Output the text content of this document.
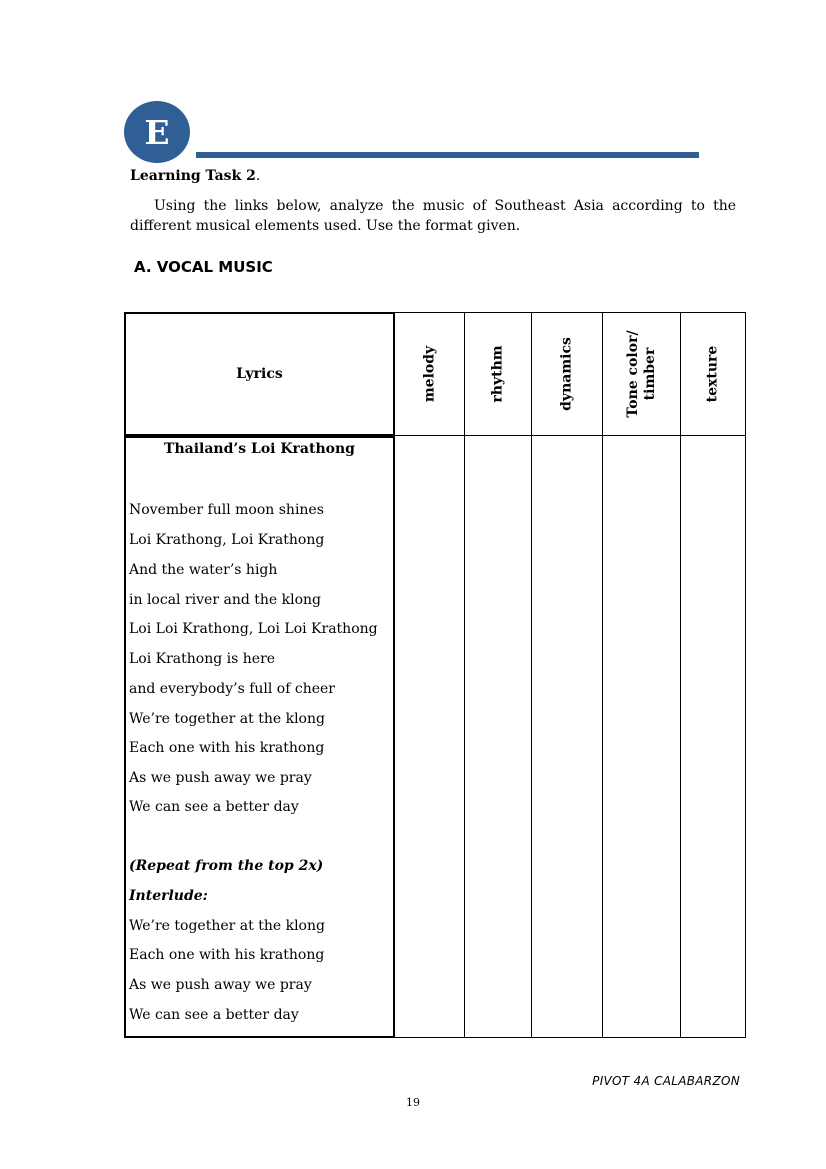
E
Learning Task 2.
Using the links below, analyze the music of Southeast Asia according to the different musical elements used. Use the format given.
A. VOCAL MUSIC
Lyrics	melody	rhythm	dynamics	Tone color/ timber	texture
Thailand’s Loi Krathong
November full moon shines
Loi Krathong, Loi Krathong
And the water’s high
in local river and the klong
Loi Loi Krathong, Loi Loi Krathong
Loi Krathong is here
and everybody’s full of cheer
We’re together at the klong
Each one with his krathong
As we push away we pray
We can see a better day
(Repeat from the top 2x)
Interlude:
We’re together at the klong
Each one with his krathong
As we push away we pray
We can see a better day
PIVOT 4A CALABARZON
19
